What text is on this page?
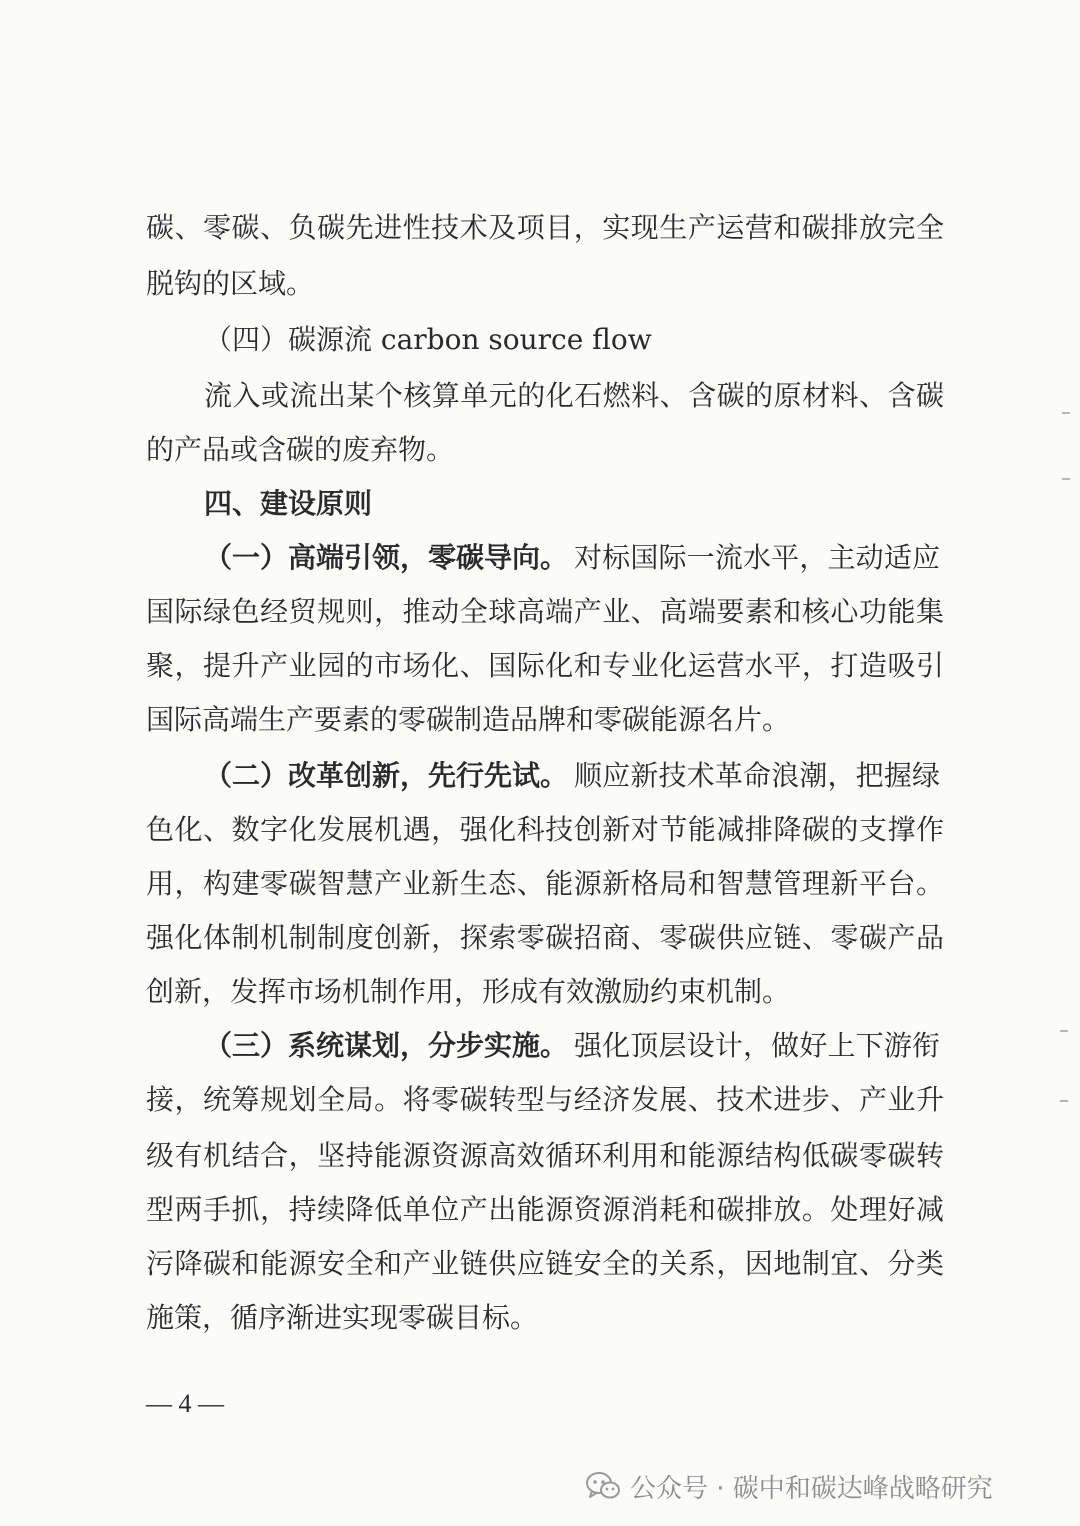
碳、零碳、负碳先进性技术及项目，实现生产运营和碳排放完全
脱钩的区域。
（四）碳源流 carbon source flow
流入或流出某个核算单元的化石燃料、含碳的原材料、含碳
的产品或含碳的废弃物。
四、建设原则
（一）高端引领，零碳导向。 对标国际一流水平，主动适应
国际绿色经贸规则，推动全球高端产业、高端要素和核心功能集
聚，提升产业园的市场化、国际化和专业化运营水平，打造吸引
国际高端生产要素的零碳制造品牌和零碳能源名片。
（二）改革创新，先行先试。 顺应新技术革命浪潮，把握绿
色化、数字化发展机遇，强化科技创新对节能减排降碳的支撑作
用，构建零碳智慧产业新生态、能源新格局和智慧管理新平台。
强化体制机制制度创新，探索零碳招商、零碳供应链、零碳产品
创新，发挥市场机制作用，形成有效激励约束机制。
（三）系统谋划，分步实施。 强化顶层设计，做好上下游衔
接，统筹规划全局。将零碳转型与经济发展、技术进步、产业升
级有机结合，坚持能源资源高效循环利用和能源结构低碳零碳转
型两手抓，持续降低单位产出能源资源消耗和碳排放。处理好减
污降碳和能源安全和产业链供应链安全的关系，因地制宜、分类
施策，循序渐进实现零碳目标。
— 4 —
公众号 · 碳中和碳达峰战略研究
